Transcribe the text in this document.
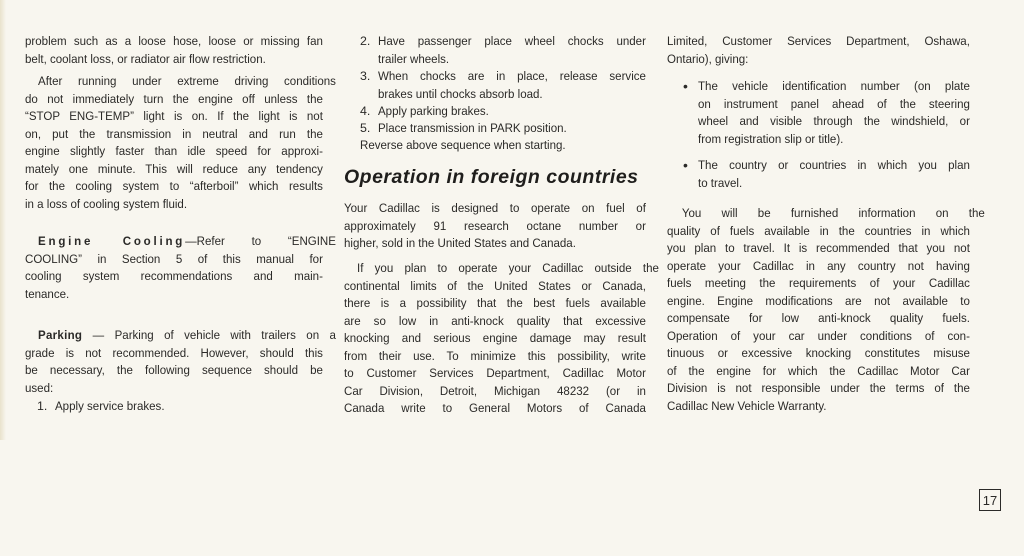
problem such as a loose hose, loose or missing fan
belt, coolant loss, or radiator air flow restriction.
After running under extreme driving conditions
do not immediately turn the engine off unless the
“STOP ENG-TEMP” light is on. If the light is not
on, put the transmission in neutral and run the
engine slightly faster than idle speed for approxi-
mately one minute. This will reduce any tendency
for the cooling system to “afterboil” which results
in a loss of cooling system fluid.
Engine Cooling—Refer to “ENGINE
COOLING” in Section 5 of this manual for
cooling system recommendations and main-
tenance.
Parking — Parking of vehicle with trailers on a
grade is not recommended. However, should this
be necessary, the following sequence should be
used:
1. Apply service brakes.
2. Have passenger place wheel chocks under
trailer wheels.
3. When chocks are in place, release service
brakes until chocks absorb load.
4. Apply parking brakes.
5. Place transmission in PARK position.
Reverse above sequence when starting.
Your Cadillac is designed to operate on fuel of
approximately 91 research octane number or
higher, sold in the United States and Canada.
If you plan to operate your Cadillac outside the
continental limits of the United States or Canada,
there is a possibility that the best fuels available
are so low in anti-knock quality that excessive
knocking and serious engine damage may result
from their use. To minimize this possibility, write
to Customer Services Department, Cadillac Motor
Car Division, Detroit, Michigan 48232 (or in
Canada write to General Motors of Canada
Operation in foreign countries
Limited, Customer Services Department, Oshawa,
Ontario), giving:
• The vehicle identification number (on plate
on instrument panel ahead of the steering
wheel and visible through the windshield, or
from registration slip or title).
• The country or countries in which you plan
to travel.
You will be furnished information on the
quality of fuels available in the countries in which
you plan to travel. It is recommended that you not
operate your Cadillac in any country not having
fuels meeting the requirements of your Cadillac
engine. Engine modifications are not available to
compensate for low anti-knock quality fuels.
Operation of your car under conditions of con-
tinuous or excessive knocking constitutes misuse
of the engine for which the Cadillac Motor Car
Division is not responsible under the terms of the
Cadillac New Vehicle Warranty.
17
